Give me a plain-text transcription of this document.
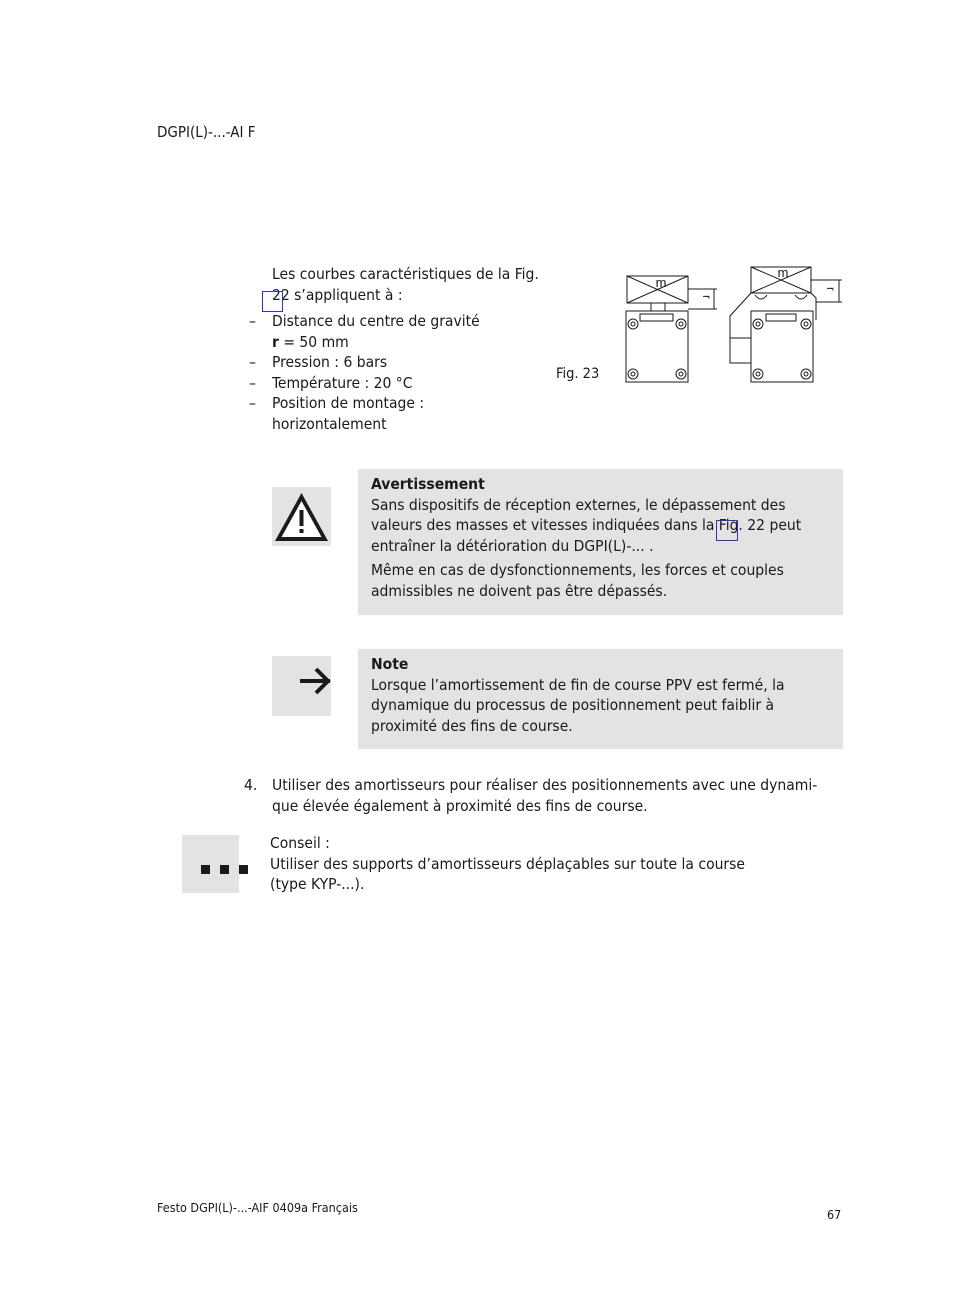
DGPI(L)-...-AI F
Les courbes caractéristiques de la Fig. 22 s’appliquent à :
– Distance du centre de gravité
r = 50 mm
– Pression : 6 bars
– Température : 20 °C
– Position de montage :
horizontalement
Fig. 23
m
m
r
r
Avertissement
Sans dispositifs de réception externes, le dépassement des valeurs des masses et vitesses indiquées dans la Fig. 22 peut entraîner la détérioration du DGPI(L)-... .
Même en cas de dysfonctionnements, les forces et couples admissibles ne doivent pas être dépassés.
Note
Lorsque l’amortissement de fin de course PPV est fermé, la dynamique du processus de positionnement peut faiblir à proximité des fins de course.
4. Utiliser des amortisseurs pour réaliser des positionnements avec une dynami-
que élevée également à proximité des fins de course.
Conseil :
Utiliser des supports d’amortisseurs déplaçables sur toute la course
(type KYP-...).
Festo DGPI(L)-...-AIF 0409a Français	67
